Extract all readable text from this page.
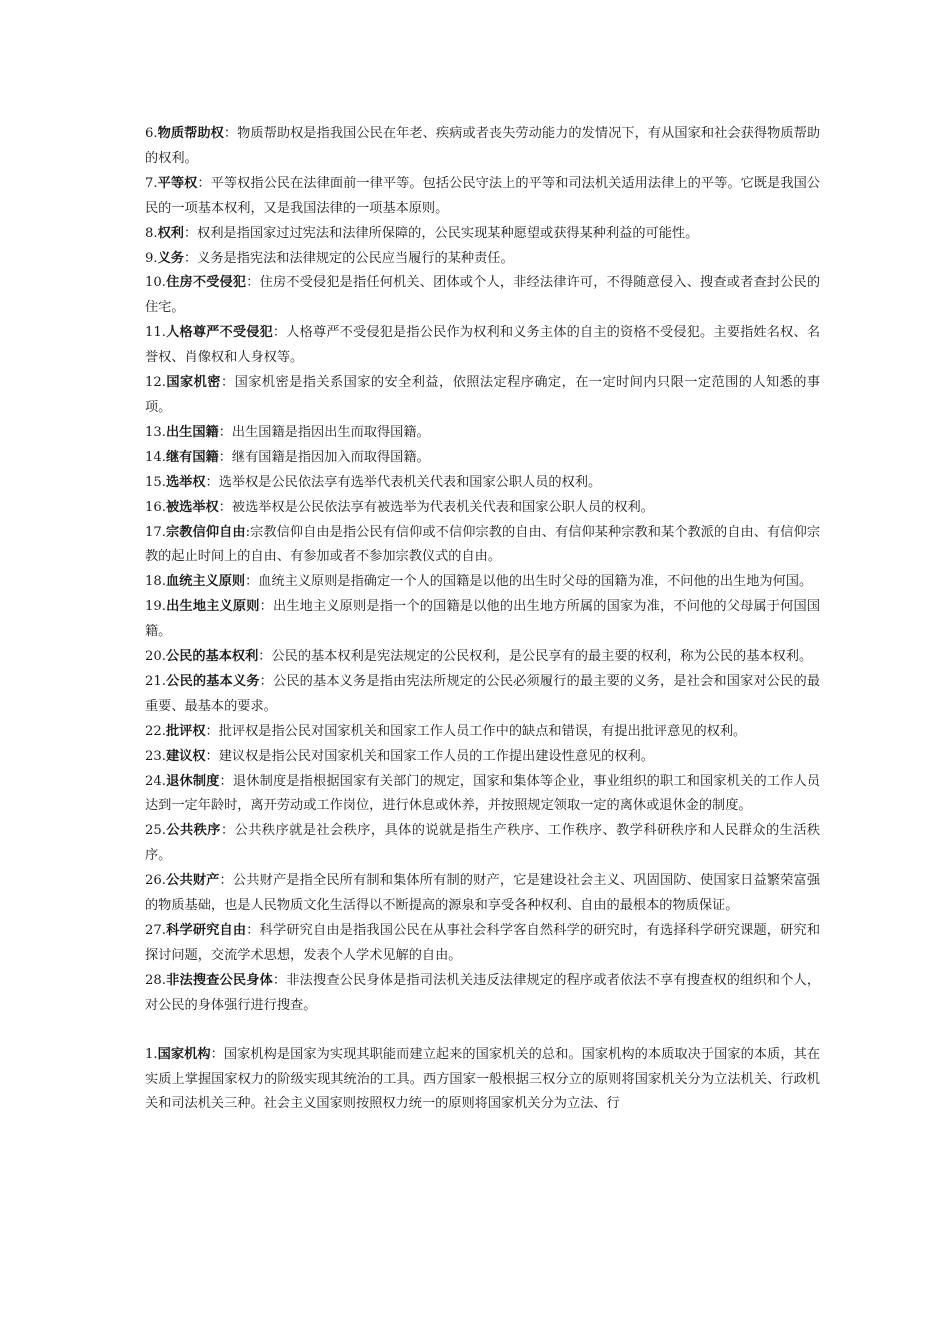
6.物质帮助权：物质帮助权是指我国公民在年老、疾病或者丧失劳动能力的发情况下，有从国家和社会获得物质帮助的权利。

7.平等权：平等权指公民在法律面前一律平等。包括公民守法上的平等和司法机关适用法律上的平等。它既是我国公民的一项基本权利，又是我国法律的一项基本原则。

8.权利：权利是指国家过过宪法和法律所保障的，公民实现某种愿望或获得某种利益的可能性。

9.义务：义务是指宪法和法律规定的公民应当履行的某种责任。

10.住房不受侵犯：住房不受侵犯是指任何机关、团体或个人，非经法律许可，不得随意侵入、搜查或者查封公民的住宅。

11.人格尊严不受侵犯：人格尊严不受侵犯是指公民作为权利和义务主体的自主的资格不受侵犯。主要指姓名权、名誉权、肖像权和人身权等。

12.国家机密：国家机密是指关系国家的安全利益，依照法定程序确定，在一定时间内只限一定范围的人知悉的事项。

13.出生国籍：出生国籍是指因出生而取得国籍。

14.继有国籍：继有国籍是指因加入而取得国籍。

15.选举权：选举权是公民依法享有选举代表机关代表和国家公职人员的权利。

16.被选举权：被选举权是公民依法享有被选举为代表机关代表和国家公职人员的权利。

17.宗教信仰自由:宗教信仰自由是指公民有信仰或不信仰宗教的自由、有信仰某种宗教和某个教派的自由、有信仰宗教的起止时间上的自由、有参加或者不参加宗教仪式的自由。

18.血统主义原则：血统主义原则是指确定一个人的国籍是以他的出生时父母的国籍为准，不问他的出生地为何国。

19.出生地主义原则：出生地主义原则是指一个的国籍是以他的出生地方所属的国家为准，不问他的父母属于何国国籍。

20.公民的基本权利：公民的基本权利是宪法规定的公民权利，是公民享有的最主要的权利，称为公民的基本权利。

21.公民的基本义务：公民的基本义务是指由宪法所规定的公民必须履行的最主要的义务，是社会和国家对公民的最重要、最基本的要求。

22.批评权：批评权是指公民对国家机关和国家工作人员工作中的缺点和错误，有提出批评意见的权利。

23.建议权：建议权是指公民对国家机关和国家工作人员的工作提出建设性意见的权利。

24.退休制度：退休制度是指根据国家有关部门的规定，国家和集体等企业，事业组织的职工和国家机关的工作人员达到一定年龄时，离开劳动或工作岗位，进行休息或休养，并按照规定领取一定的离休或退休金的制度。

25.公共秩序：公共秩序就是社会秩序，具体的说就是指生产秩序、工作秩序、教学科研秩序和人民群众的生活秩序。

26.公共财产：公共财产是指全民所有制和集体所有制的财产，它是建设社会主义、巩固国防、使国家日益繁荣富强的物质基础，也是人民物质文化生活得以不断提高的源泉和享受各种权利、自由的最根本的物质保证。

27.科学研究自由：科学研究自由是指我国公民在从事社会科学客自然科学的研究时，有选择科学研究课题，研究和探讨问题，交流学术思想，发表个人学术见解的自由。

28.非法搜查公民身体：非法搜查公民身体是指司法机关违反法律规定的程序或者依法不享有搜查权的组织和个人，对公民的身体强行进行搜查。

1.国家机构：国家机构是国家为实现其职能而建立起来的国家机关的总和。国家机构的本质取决于国家的本质，其在实质上掌握国家权力的阶级实现其统治的工具。西方国家一般根据三权分立的原则将国家机关分为立法机关、行政机关和司法机关三种。社会主义国家则按照权力统一的原则将国家机关分为立法、行
